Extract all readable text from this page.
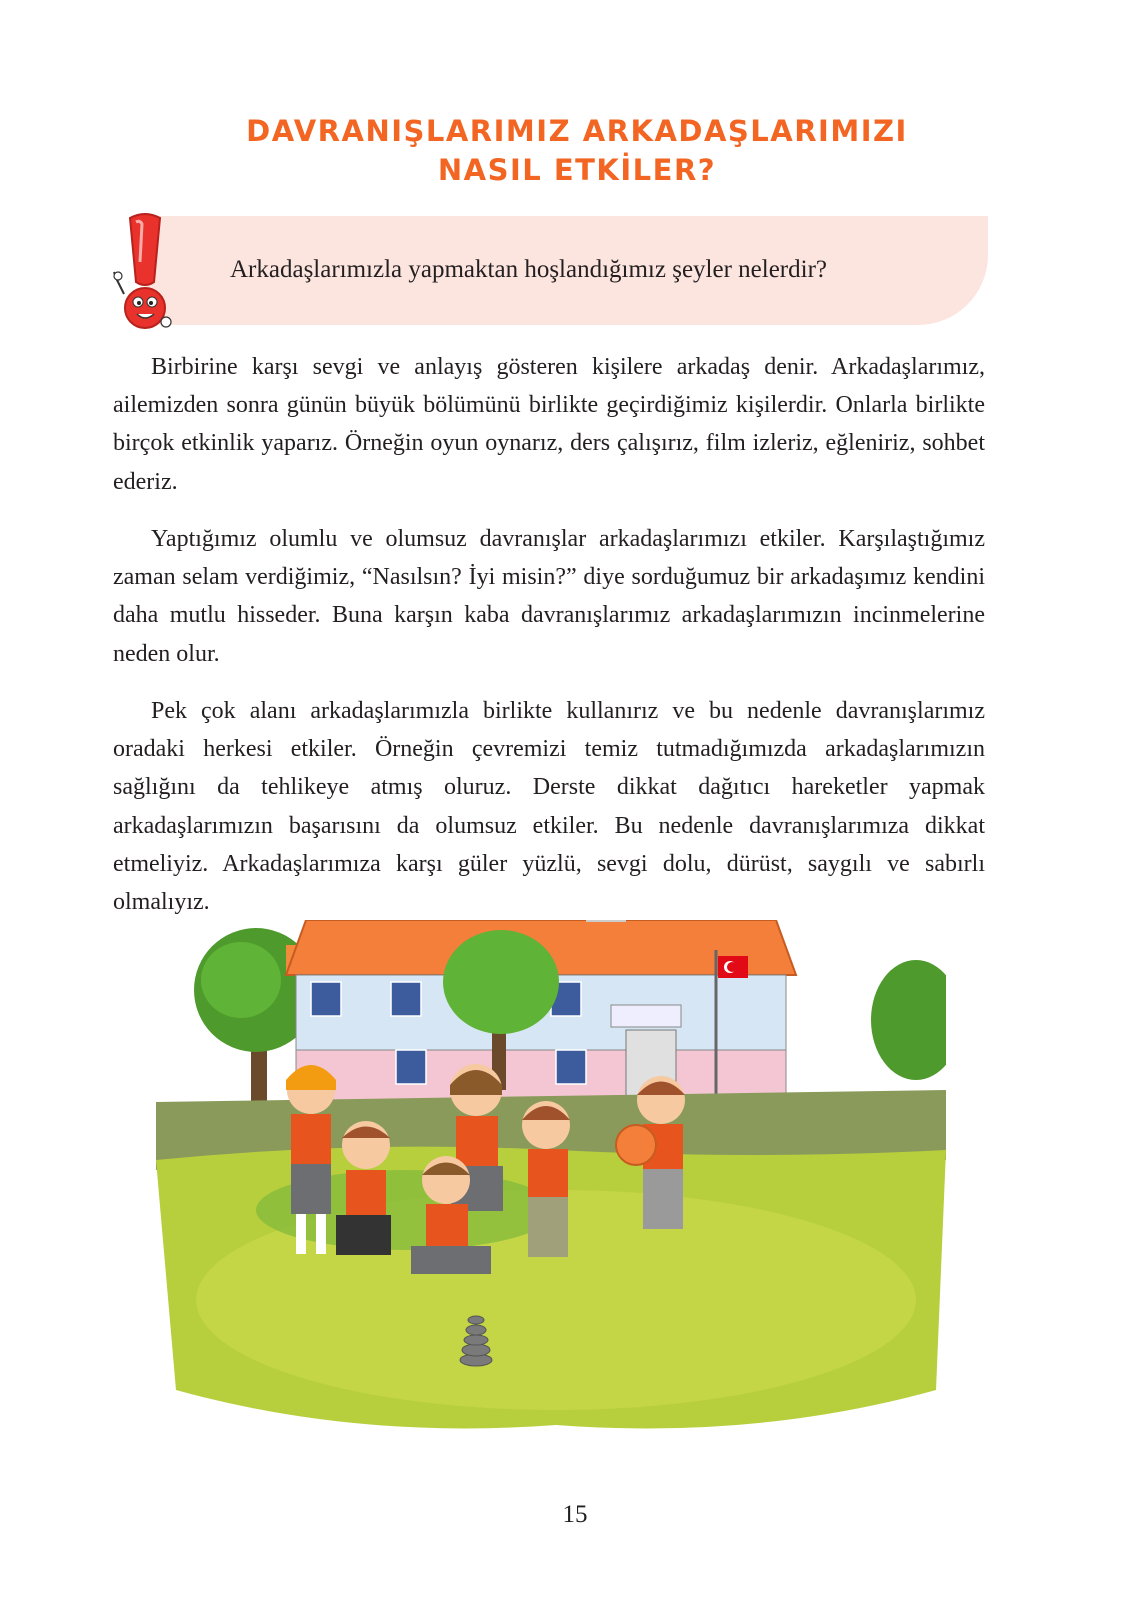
DAVRANIŞLARIMIZ ARKADAŞLARIMIZI
NASIL ETKİLER?
Arkadaşlarımızla yapmaktan hoşlandığımız şeyler nelerdir?

Birbirine karşı sevgi ve anlayış gösteren kişilere arkadaş denir. Arkadaşlarımız, ailemizden sonra günün büyük bölümünü birlikte geçirdiğimiz kişilerdir. Onlarla birlikte birçok etkinlik yaparız. Örneğin oyun oynarız, ders çalışırız, film izleriz, eğleniriz, sohbet ederiz.

Yaptığımız olumlu ve olumsuz davranışlar arkadaşlarımızı etkiler. Karşılaştığımız zaman selam verdiğimiz, “Nasılsın? İyi misin?” diye sorduğumuz bir arkadaşımız kendini daha mutlu hisseder. Buna karşın kaba davranışlarımız arkadaşlarımızın incinmelerine neden olur.

Pek çok alanı arkadaşlarımızla birlikte kullanırız ve bu nedenle davranışlarımız oradaki herkesi etkiler. Örneğin çevremizi temiz tutmadığımızda arkadaşlarımızın sağlığını da tehlikeye atmış oluruz. Derste dikkat dağıtıcı hareketler yapmak arkadaşlarımızın başarısını da olumsuz etkiler. Bu nedenle davranışlarımıza dikkat etmeliyiz. Arkadaşlarımıza karşı güler yüzlü, sevgi dolu, dürüst, saygılı ve sabırlı olmalıyız.

15
